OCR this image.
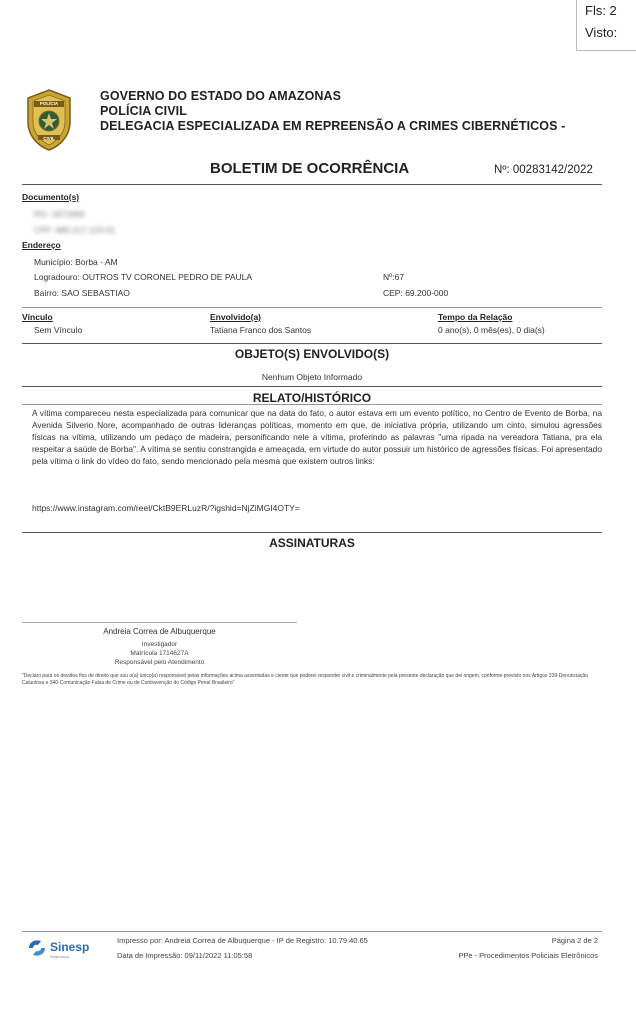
Fls: 2
Visto:
POLÍCIA
CIVIL
GOVERNO DO ESTADO DO AMAZONAS
POLÍCIA CIVIL
DELEGACIA ESPECIALIZADA EM REPREENSÃO A CRIMES CIBERNÉTICOS -
BOLETIM DE OCORRÊNCIA	Nº: 00283142/2022
Documento(s)
RG: 1871969
CPF: 885.217.123-01
Endereço
Município: Borba - AM
Logradouro: OUTROS TV CORONEL PEDRO DE PAULA	Nº:67
Bairro: SAO SEBASTIAO	CEP: 69.200-000
Vínculo
Sem Vínculo
Envolvido(a)
Tatiana Franco dos Santos
Tempo da Relação
0 ano(s), 0 mês(es), 0 dia(s)
OBJETO(S) ENVOLVIDO(S)
Nenhum Objeto Informado
RELATO/HISTÓRICO
A vítima compareceu nesta especializada para comunicar que na data do fato, o autor estava em um evento político, no Centro de Evento de Borba, na Avenida Silverio Nore, acompanhado de outras lideranças políticas, momento em que, de iniciativa própria, utilizando um cinto, simulou agressões físicas na vítima, utilizando um pedaço de madeira, personificando nele a vítima, proferindo as palavras "uma ripada na vereadora Tatiana, pra ela respeitar a saúde de Borba". A vítima se sentiu constrangida e ameaçada, em virtude do autor possuir um histórico de agressões físicas. Foi apresentado pela vítima o link do vídeo do fato, sendo mencionado pela mesma que existem outros links:
https://www.instagram.com/reel/CktB9ERLuzR/?igshid=NjZiMGI4OTY=
ASSINATURAS
Andreia Correa de Albuquerque
Investigador
Matrícula 1714627A
Responsável pelo Atendimento
"Declaro para os devidos fins de direito que sou o(a) único(a) responsável pelas informações acima assentadas e ciente que poderei responder civil e criminalmente pela presente declaração que dei origem, conforme previsto nos Artigos 339-Denunciação Caluniosa e 340-Comunicação Falsa de Crime ou de Contravenção do Código Penal Brasileiro"
Sinesp
Segurança
Impresso por: Andreia Correa de Albuquerque - IP de Registro: 10.79.40.65
Data de Impressão: 09/11/2022 11:05:58
Página 2 de 2
PPe - Procedimentos Policiais Eletrônicos
